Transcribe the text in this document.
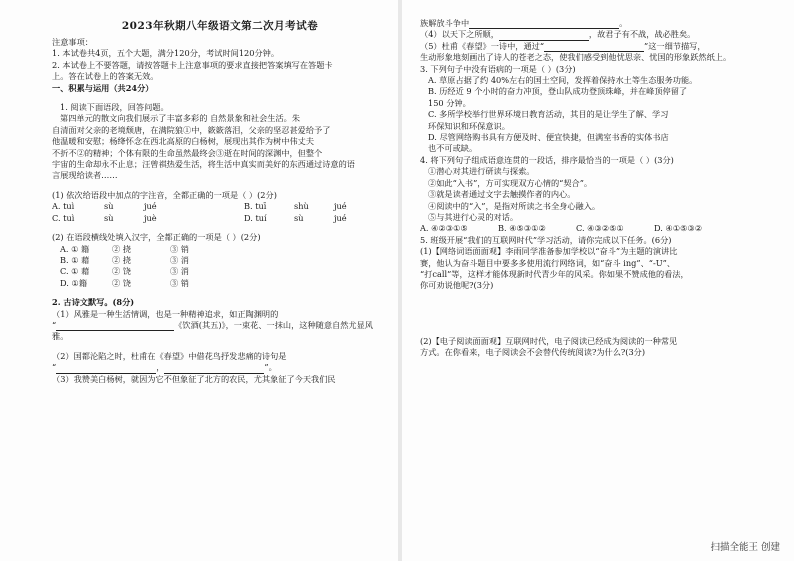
2023年秋期八年级语文第二次月考试卷
注意事项：
1. 本试卷共4页，五个大题，满分120分，考试时间120分钟。
2. 本试卷上不要答题，请按答题卡上注意事项的要求直接把答案填写在答题卡
上。答在试卷上的答案无效。
一、积累与运用（共24分）
1. 阅读下面语段，回答问题。
第四单元的散文向我们展示了丰富多彩的 自然景象和社会生活。朱
自清面对父亲的老境颓唐，在满院狼①中，簌簌落泪，父亲的坚忍甚爱给予了
他温暖和安慰；杨绛怀念在西北高原的白杨树，展现出其作为树中伟丈夫
不折不②的精神；个体有限的生命虽然最终会③逝在时间的深渊中，但整个
宇宙的生命却永不止息；汪曾祺热爱生活，将生活中真实而美好的东西通过诗意的语
言展现给读者……
(1) 依次给语段中加点的字注音，全都正确的一项是（ ）(2分)
A. tuì	sù	jué	B. tuī	shù	jué
C. tuì	sù	juè	D. tuí	sù	jué
(2) 在语段横线处填入汉字，全都正确的一项是（ ）(2分)
A. ① 籍	② 挠	③ 销
B. ① 藉	② 挠	③ 消
C. ① 藉	② 饶	③ 消
D. ①籍	② 饶	③ 销
2. 古诗文默写。(8分)
（1）风雅是一种生活情调，也是一种精神追求，如正陶渊明的
“	《饮酒(其五)》，一束花、一抹山，这种随意自然尤显风
雅。
（2）国都沦陷之时，杜甫在《春望》中借花鸟抒发悲痛的诗句是
“	，	”。
（3）我赞美白杨树，就因为它不但象征了北方的农民，尤其象征了今天我们民
族解放斗争中	。
（4）以天下之所顺，	，故君子有不战，战必胜矣。
（5）杜甫《春望》一诗中，通过“	”这一细节描写，
生动形象地刻画出了诗人的苍老之态，使我们感受到他忧思亲、忧国的形象跃然纸上。
3. 下列句子中没有语病的一项是（ ）(3分)
A. 草原占据了约 40%左右的国土空间，发挥着保持水土等生态服务功能。
B. 历经近 9 个小时的奋力冲顶，登山队成功登顶珠峰，并在峰顶停留了
150 分钟。
C. 多所学校举行世界环境日教育活动，其目的是让学生了解、学习
环保知识和环保意识。
D. 尽管网络购书具有方便及时、便宜快捷，但满室书香的实体书店
也不可或缺。
4. 将下列句子组成语意连贯的一段话，排序最恰当的一项是（ ）(3分)
①潜心对其进行研读与探索。
②如此“入书”，方可实现双方心情的“契合”。
③就是读者通过文字去触摸作者的内心。
④阅读中的“入”，是指对所读之书全身心融入。
⑤与其进行心灵的对话。
A. ④②③①⑤	B. ④⑤③①②	C. ④③②⑤①	D. ④①⑤③②
5. 班级开展“我们的互联网时代”学习活动，请你完成以下任务。(6分)
(1)【网络词语面面观】李雨同学准备参加学校以“奋斗”为主题的演讲比
赛，他认为奋斗题目中要多多使用流行网络词，如“奋斗 ing”、“-U”、
“打call”等，这样才能体现新时代青少年的风采。你如果不赞成他的看法，
你可劝说他呢?(3分)
(2)【电子阅读面面观】互联网时代，电子阅读已经成为阅读的一种常见
方式。在你看来，电子阅读会不会替代传统阅读?为什么?(3分)
扫描全能王 创建
